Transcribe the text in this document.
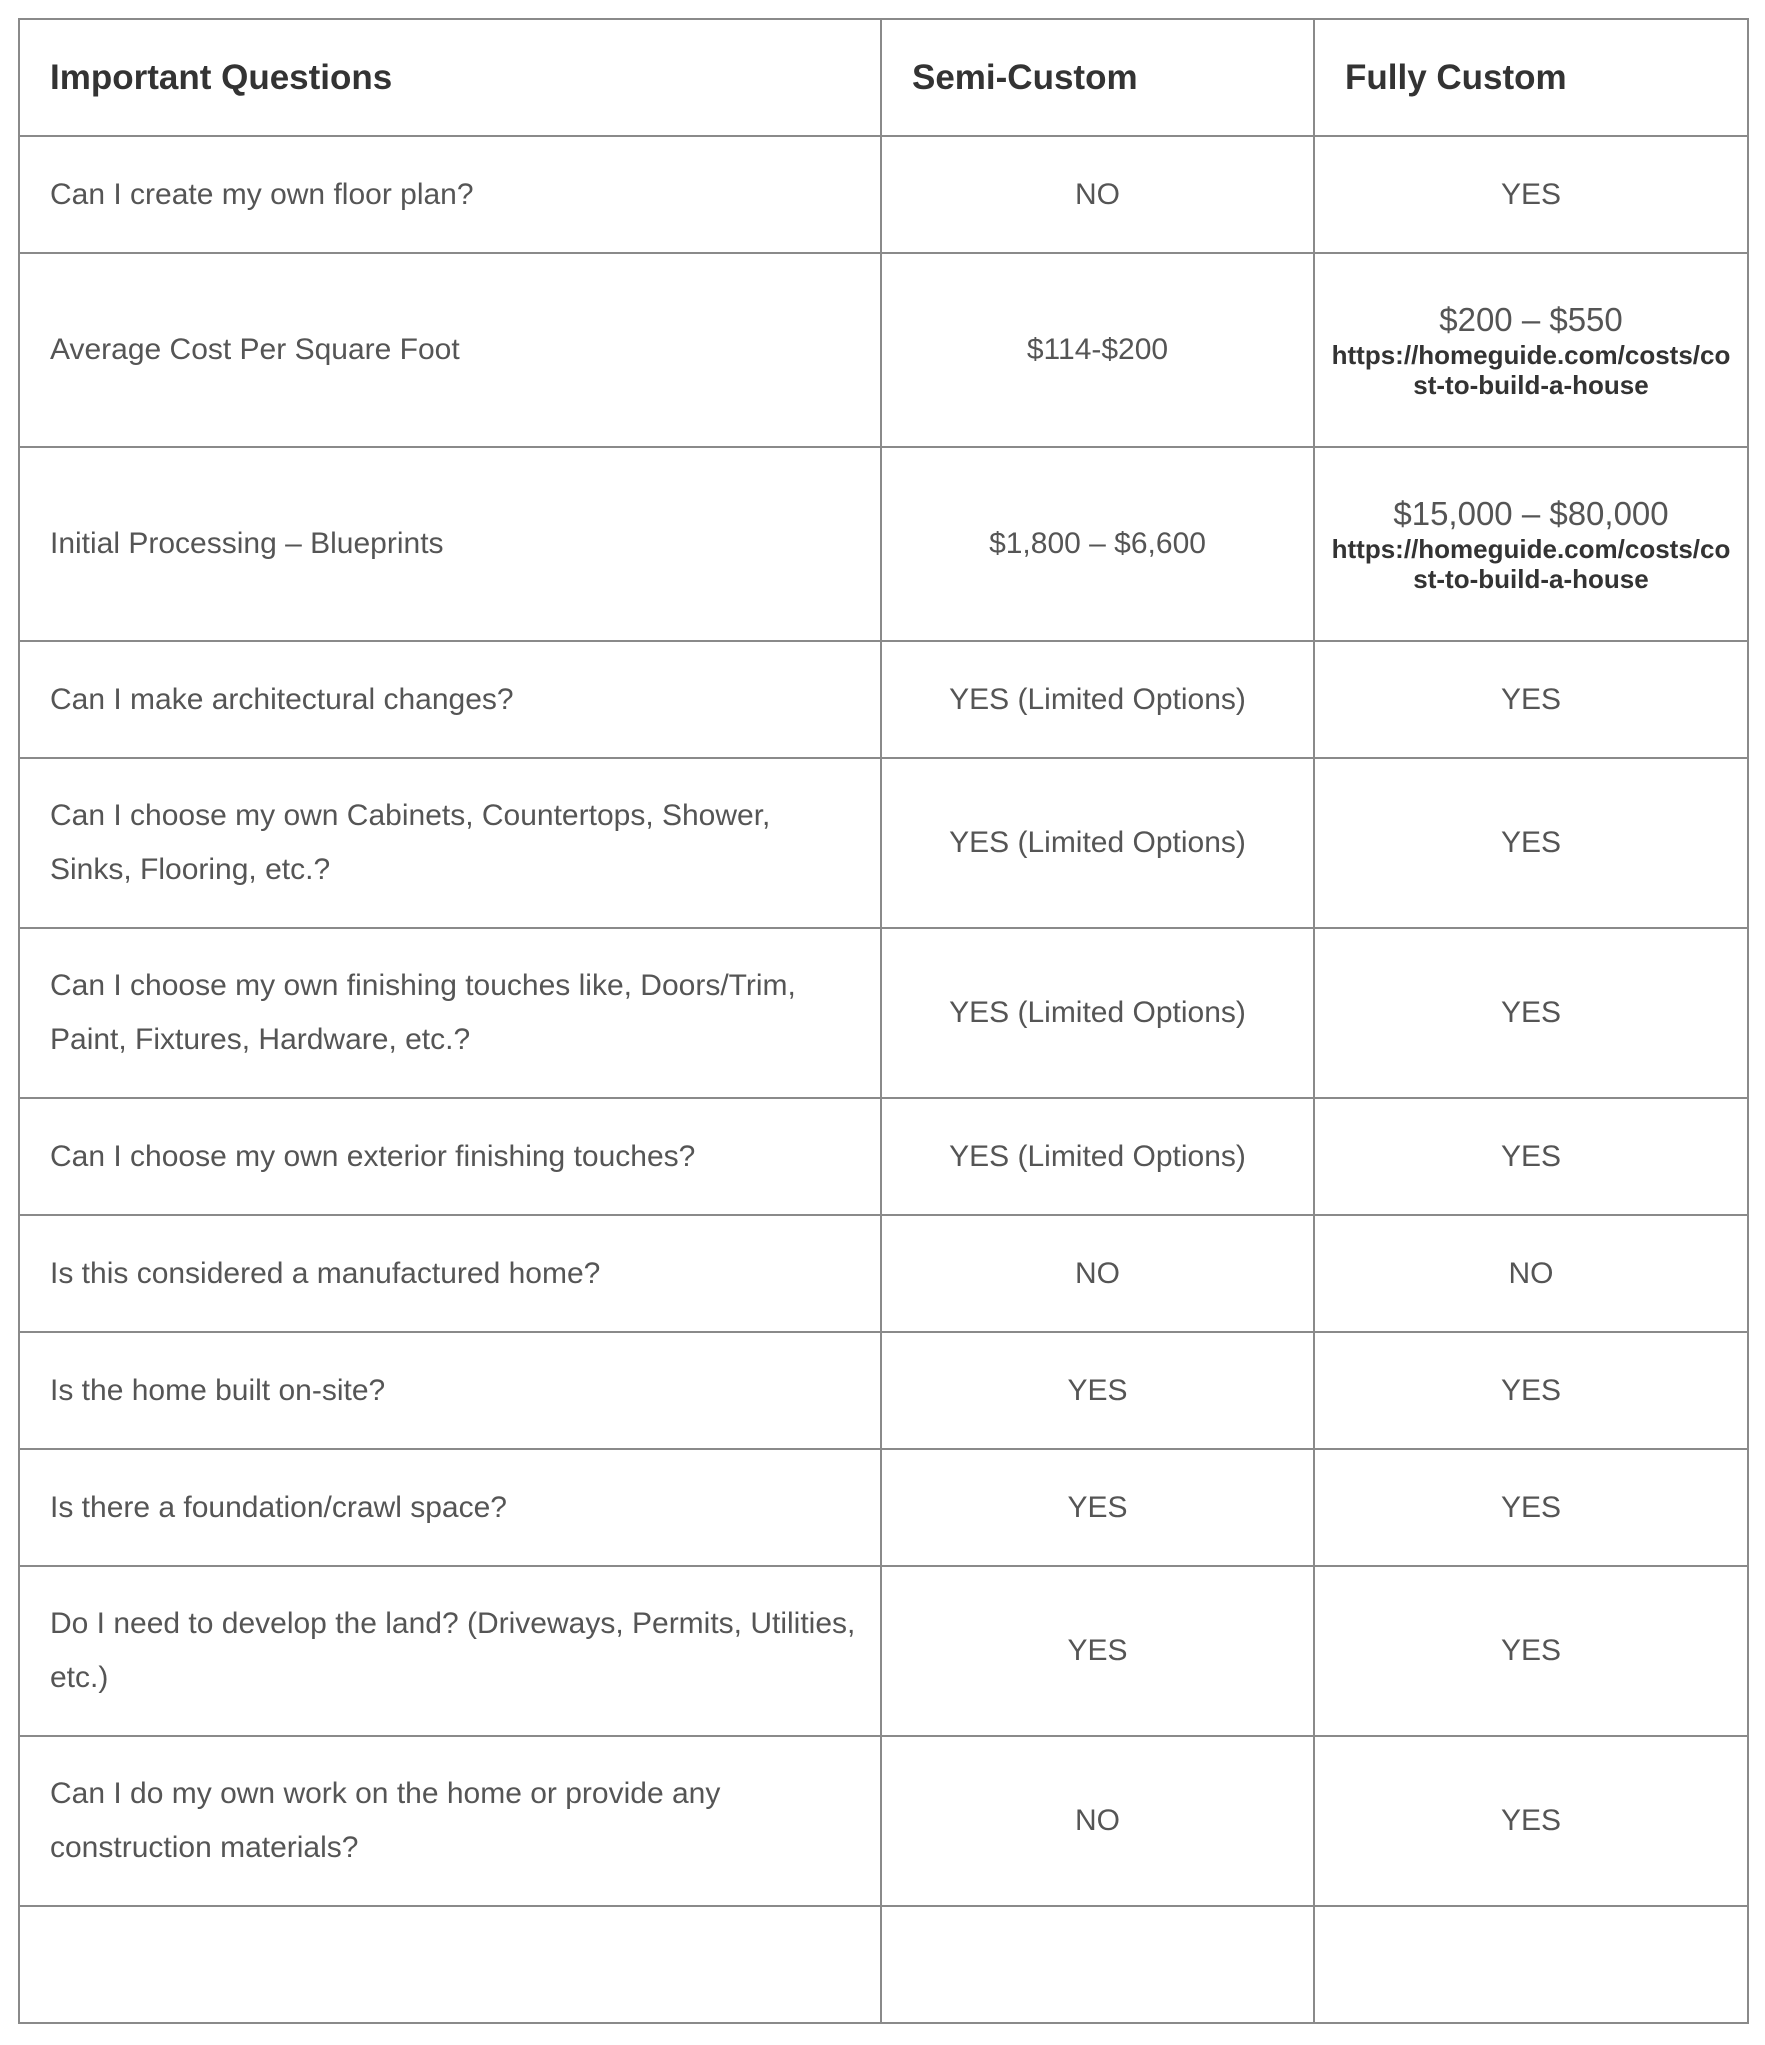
Important Questions	Semi-Custom	Fully Custom

Can I create my own floor plan?	NO	YES
Average Cost Per Square Foot	$114-$200	$200 – $550
https://homeguide.com/costs/cost-to-build-a-house

Initial Processing – Blueprints	$1,800 – $6,600	$15,000 – $80,000
https://homeguide.com/costs/cost-to-build-a-house

Can I make architectural changes?	YES (Limited Options)	YES
Can I choose my own Cabinets, Countertops, Shower, Sinks, Flooring, etc.?	YES (Limited Options)	YES
Can I choose my own finishing touches like, Doors/Trim, Paint, Fixtures, Hardware, etc.?	YES (Limited Options)	YES
Can I choose my own exterior finishing touches?	YES (Limited Options)	YES
Is this considered a manufactured home?	NO	NO
Is the home built on-site?	YES	YES
Is there a foundation/crawl space?	YES	YES
Do I need to develop the land? (Driveways, Permits, Utilities, etc.)	YES	YES
Can I do my own work on the home or provide any construction materials?	NO	YES
